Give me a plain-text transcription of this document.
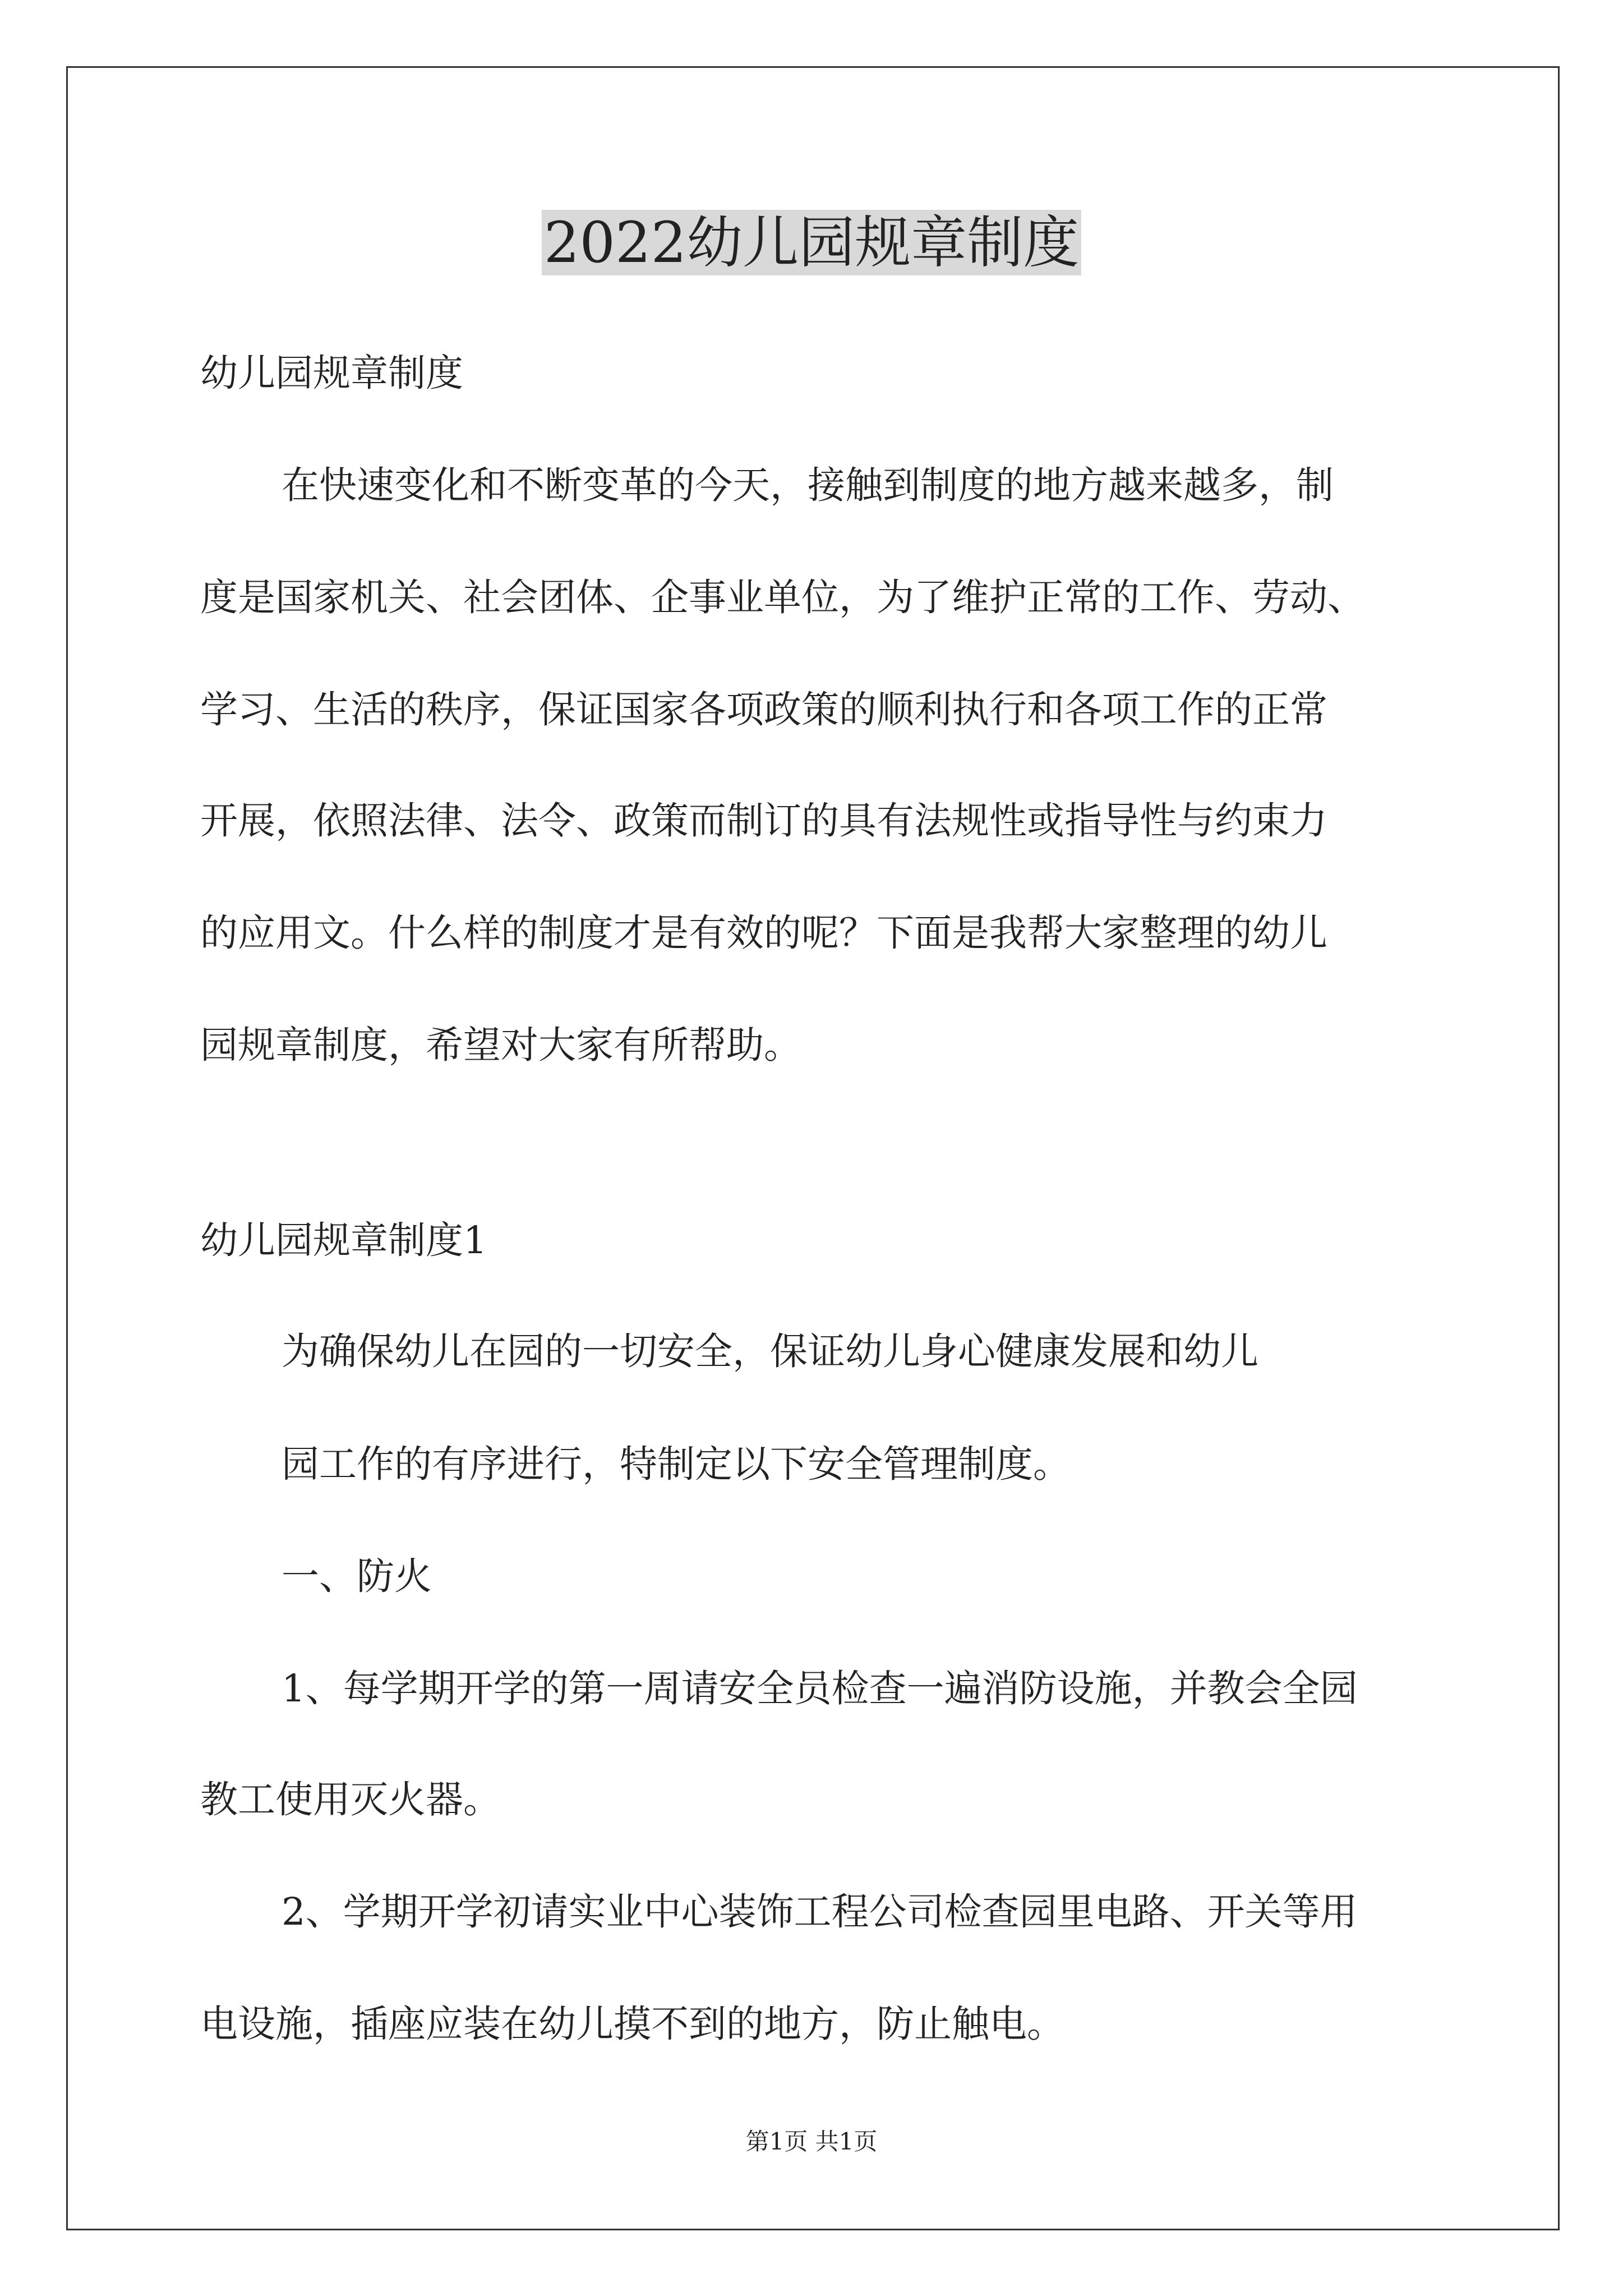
2022幼儿园规章制度
幼儿园规章制度
在快速变化和不断变革的今天，接触到制度的地方越来越多，制
度是国家机关、社会团体、企事业单位，为了维护正常的工作、劳动、
学习、生活的秩序，保证国家各项政策的顺利执行和各项工作的正常
开展，依照法律、法令、政策而制订的具有法规性或指导性与约束力
的应用文。什么样的制度才是有效的呢？下面是我帮大家整理的幼儿
园规章制度，希望对大家有所帮助。
幼儿园规章制度1
为确保幼儿在园的一切安全，保证幼儿身心健康发展和幼儿
园工作的有序进行，特制定以下安全管理制度。
一、防火
1、每学期开学的第一周请安全员检查一遍消防设施，并教会全园
教工使用灭火器。
2、学期开学初请实业中心装饰工程公司检查园里电路、开关等用
电设施，插座应装在幼儿摸不到的地方，防止触电。
第1页 共1页
